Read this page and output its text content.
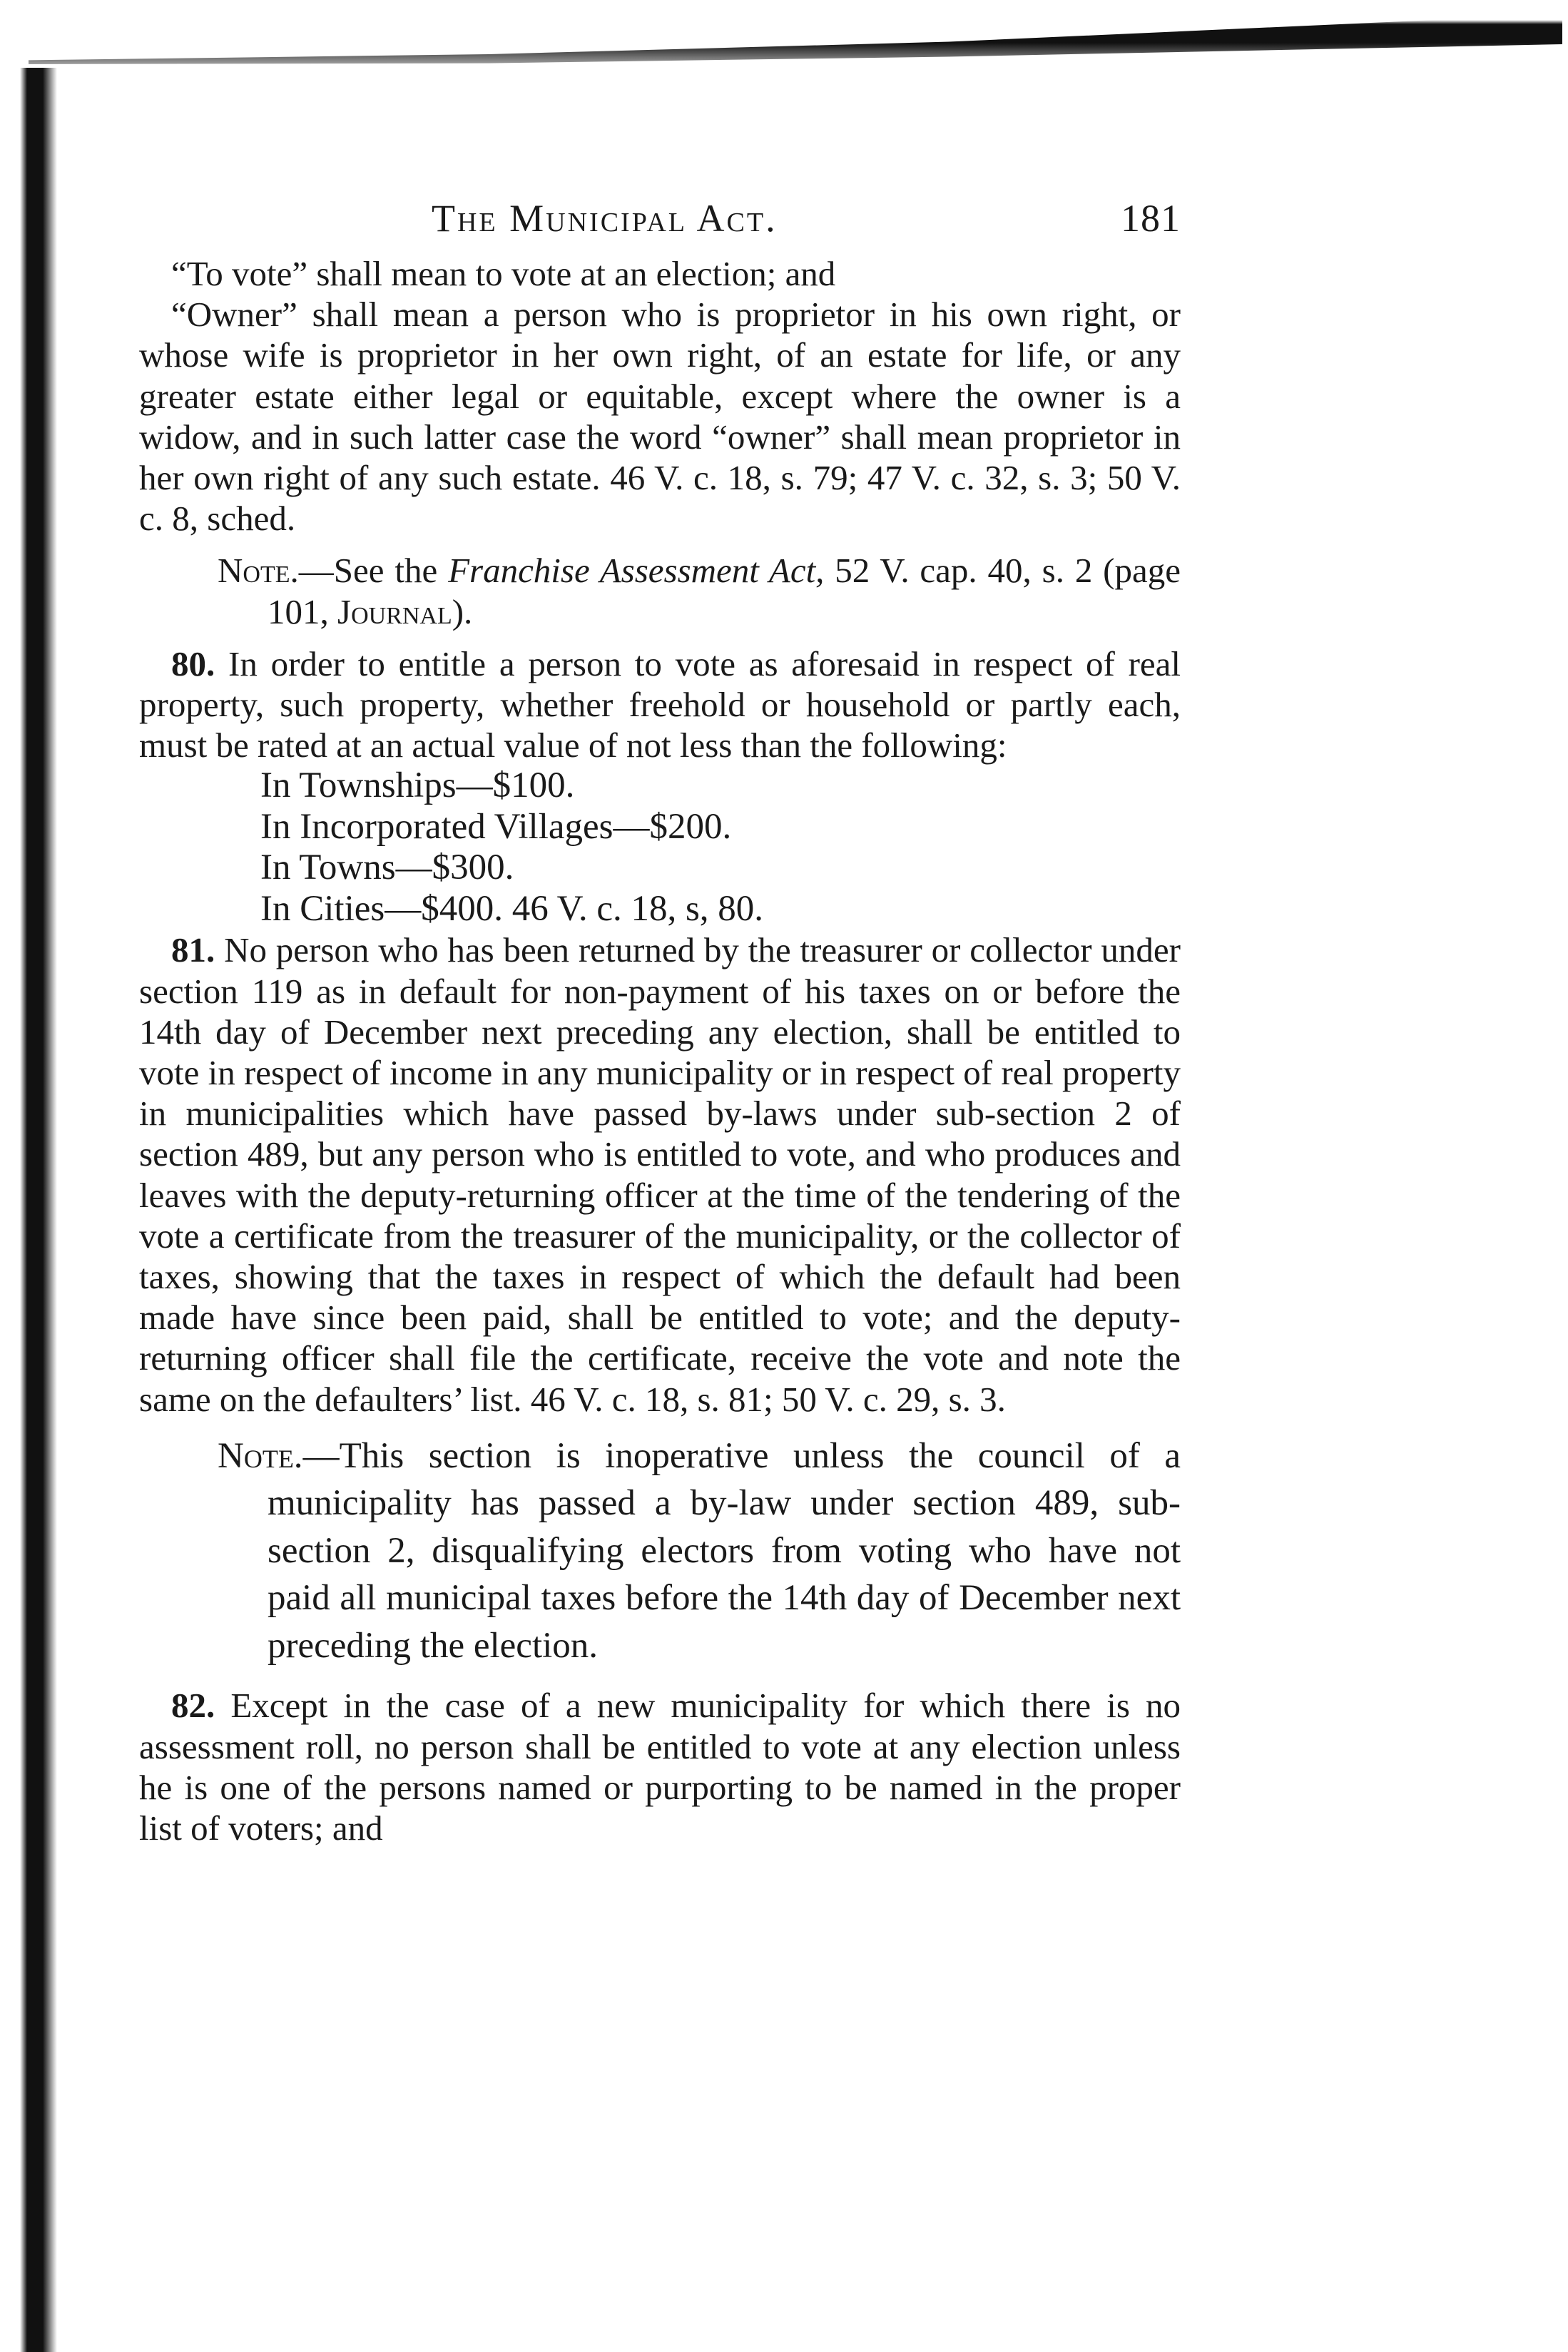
The Municipal Act.	181

“To vote” shall mean to vote at an election; and

“Owner” shall mean a person who is proprietor in his own right, or whose wife is proprietor in her own right, of an estate for life, or any greater estate either legal or equitable, except where the owner is a widow, and in such latter case the word “owner” shall mean proprietor in her own right of any such estate. 46 V. c. 18, s. 79; 47 V. c. 32, s. 3; 50 V. c. 8, sched.

Note.—See the Franchise Assessment Act, 52 V. cap. 40, s. 2 (page 101, Journal).

80. In order to entitle a person to vote as aforesaid in respect of real property, such property, whether freehold or household or partly each, must be rated at an actual value of not less than the following:

In Townships—$100.

In Incorporated Villages—$200.

In Towns—$300.

In Cities—$400. 46 V. c. 18, s, 80.

81. No person who has been returned by the treasurer or collector under section 119 as in default for non-payment of his taxes on or before the 14th day of December next preceding any election, shall be entitled to vote in respect of income in any municipality or in respect of real property in municipalities which have passed by-laws under sub-section 2 of section 489, but any person who is entitled to vote, and who produces and leaves with the deputy-returning officer at the time of the tendering of the vote a certificate from the treasurer of the municipality, or the collector of taxes, showing that the taxes in respect of which the default had been made have since been paid, shall be entitled to vote; and the deputy-returning officer shall file the certificate, receive the vote and note the same on the defaulters’ list. 46 V. c. 18, s. 81; 50 V. c. 29, s. 3.

Note.—This section is inoperative unless the council of a municipality has passed a by-law under section 489, sub-section 2, disqualifying electors from voting who have not paid all municipal taxes before the 14th day of December next preceding the election.

82. Except in the case of a new municipality for which there is no assessment roll, no person shall be entitled to vote at any election unless he is one of the persons named or purporting to be named in the proper list of voters; and
